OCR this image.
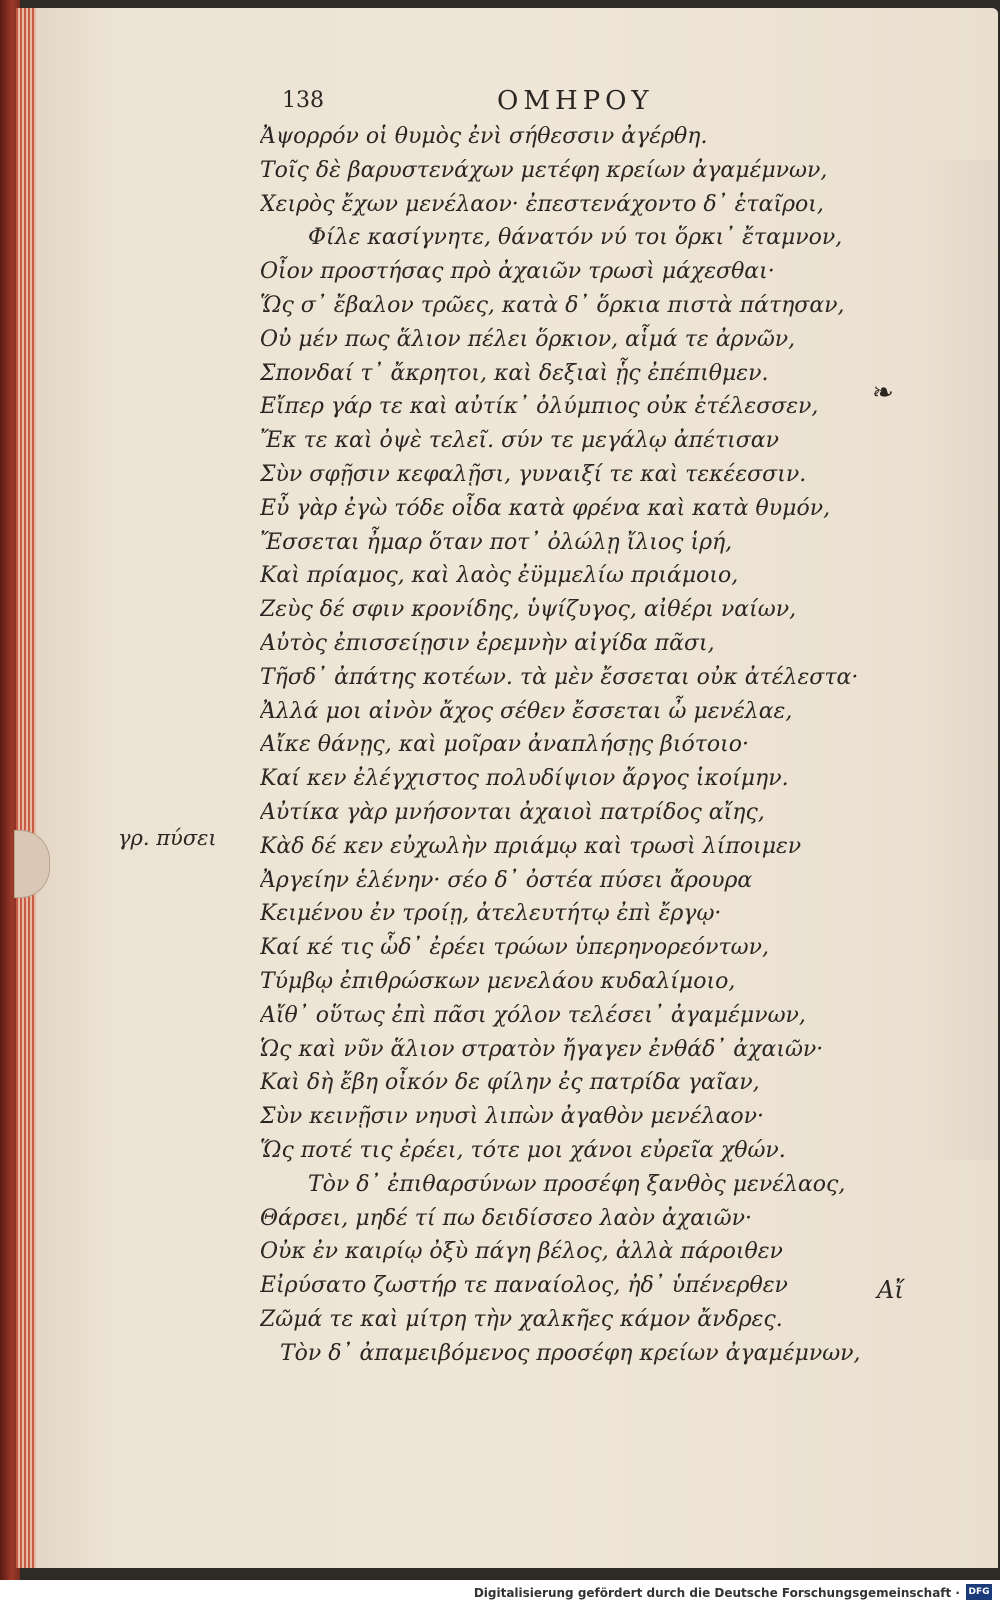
138	ΟΜΗΡΟΥ
Ἀψορρόν οἱ θυμὸς ἐνὶ σήθεσσιν ἀγέρθη.
Τοῖς δὲ βαρυστενάχων μετέφη κρείων ἀγαμέμνων,
Χειρὸς ἔχων μενέλαον· ἐπεστενάχοντο δ᾽ ἑταῖροι,
Φίλε κασίγνητε, θάνατόν νύ τοι ὅρκι᾽ ἔταμνον,
Οἶον προστήσας πρὸ ἀχαιῶν τρωσὶ μάχεσθαι·
Ὥς σ᾽ ἔβαλον τρῶες, κατὰ δ᾽ ὅρκια πιστὰ πάτησαν,
Οὐ μέν πως ἅλιον πέλει ὅρκιον, αἷμά τε ἀρνῶν,
Σπονδαί τ᾽ ἄκρητοι, καὶ δεξιαὶ ᾗς ἐπέπιθμεν.
Εἴπερ γάρ τε καὶ αὐτίκ᾽ ὀλύμπιος οὐκ ἐτέλεσσεν,
Ἔκ τε καὶ ὀψὲ τελεῖ. σύν τε μεγάλῳ ἀπέτισαν
Σὺν σφῇσιν κεφαλῇσι, γυναιξί τε καὶ τεκέεσσιν.
Εὖ γὰρ ἐγὼ τόδε οἶδα κατὰ φρένα καὶ κατὰ θυμόν,
Ἔσσεται ἦμαρ ὅταν ποτ᾽ ὀλώλῃ ἴλιος ἱρή,
Καὶ πρίαμος, καὶ λαὸς ἐϋμμελίω πριάμοιο,
Ζεὺς δέ σφιν κρονίδης, ὑψίζυγος, αἰθέρι ναίων,
Αὐτὸς ἐπισσείῃσιν ἐρεμνὴν αἰγίδα πᾶσι,
Τῆσδ᾽ ἀπάτης κοτέων. τὰ μὲν ἔσσεται οὐκ ἀτέλεστα·
Ἀλλά μοι αἰνὸν ἄχος σέθεν ἔσσεται ὦ μενέλαε,
Αἴκε θάνῃς, καὶ μοῖραν ἀναπλήσῃς βιότοιο·
Καί κεν ἐλέγχιστος πολυδίψιον ἄργος ἱκοίμην.
Αὐτίκα γὰρ μνήσονται ἀχαιοὶ πατρίδος αἴης,
Κὰδ δέ κεν εὐχωλὴν πριάμῳ καὶ τρωσὶ λίποιμεν
Ἀργείην ἑλένην· σέο δ᾽ ὀστέα πύσει ἄρουρα
Κειμένου ἐν τροίῃ, ἀτελευτήτῳ ἐπὶ ἔργῳ·
Καί κέ τις ὧδ᾽ ἐρέει τρώων ὑπερηνορεόντων,
Τύμβῳ ἐπιθρώσκων μενελάου κυδαλίμοιο,
Αἴθ᾽ οὕτως ἐπὶ πᾶσι χόλον τελέσει᾽ ἀγαμέμνων,
Ὡς καὶ νῦν ἅλιον στρατὸν ἤγαγεν ἐνθάδ᾽ ἀχαιῶν·
Καὶ δὴ ἔβη οἶκόν δε φίλην ἐς πατρίδα γαῖαν,
Σὺν κεινῇσιν νηυσὶ λιπὼν ἀγαθὸν μενέλαον·
Ὥς ποτέ τις ἐρέει, τότε μοι χάνοι εὐρεῖα χθών.
Τὸν δ᾽ ἐπιθαρσύνων προσέφη ξανθὸς μενέλαος,
Θάρσει, μηδέ τί πω δειδίσσεο λαὸν ἀχαιῶν·
Οὐκ ἐν καιρίῳ ὀξὺ πάγη βέλος, ἀλλὰ πάροιθεν
Εἰρύσατο ζωστήρ τε παναίολος, ἠδ᾽ ὑπένερθεν
Ζῶμά τε καὶ μίτρη τὴν χαλκῆες κάμον ἄνδρες.
Τὸν δ᾽ ἀπαμειβόμενος προσέφη κρείων ἀγαμέμνων,
γρ. πύσει
❧
Αἴ
Digitalisierung gefördert durch die Deutsche Forschungsgemeinschaft · DFG
